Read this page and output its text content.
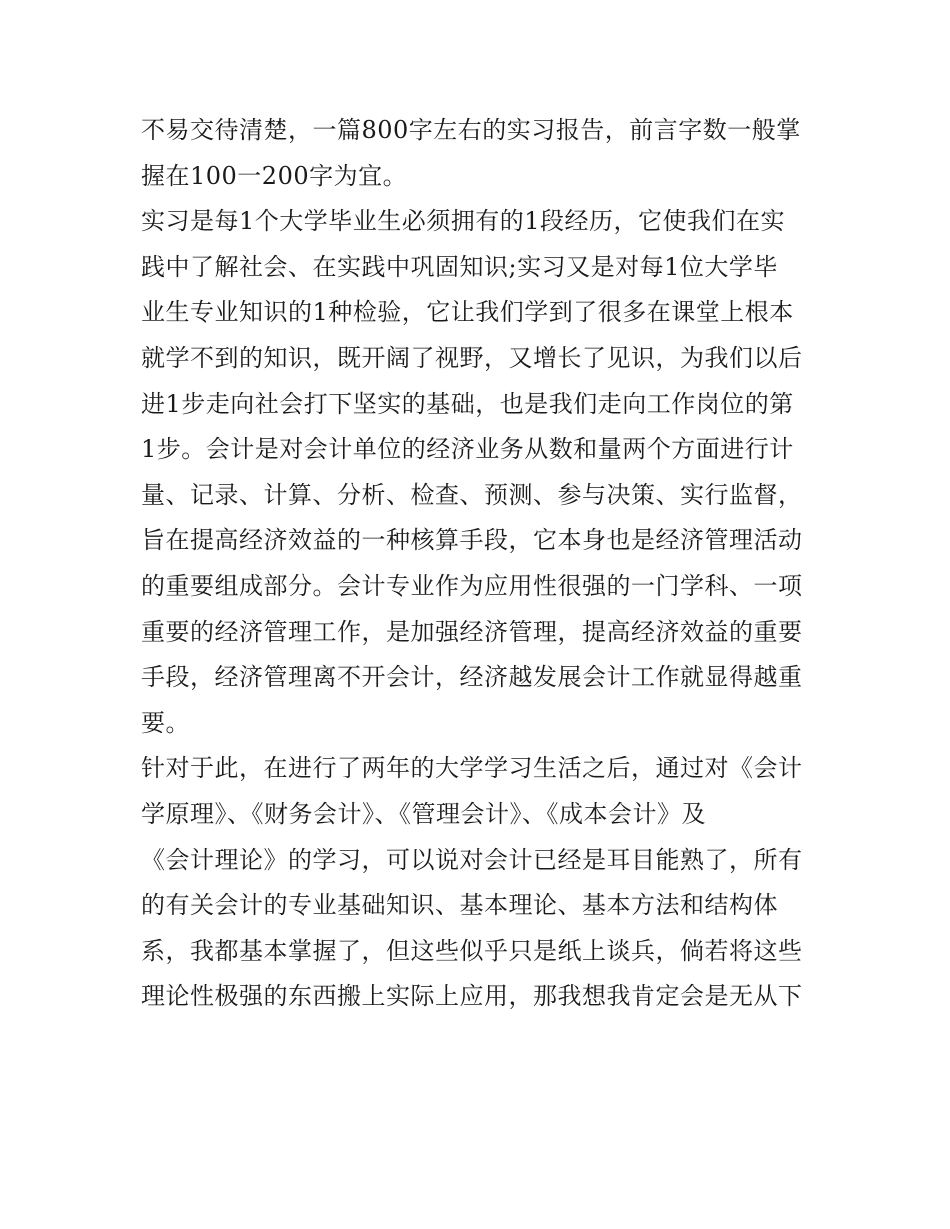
不易交待清楚，一篇800字左右的实习报告，前言字数一般掌
握在100一200字为宜。
实习是每1个大学毕业生必须拥有的1段经历，它使我们在实
践中了解社会、在实践中巩固知识;实习又是对每1位大学毕
业生专业知识的1种检验，它让我们学到了很多在课堂上根本
就学不到的知识，既开阔了视野，又增长了见识，为我们以后
进1步走向社会打下坚实的基础，也是我们走向工作岗位的第
1步。会计是对会计单位的经济业务从数和量两个方面进行计
量、记录、计算、分析、检查、预测、参与决策、实行监督，
旨在提高经济效益的一种核算手段，它本身也是经济管理活动
的重要组成部分。会计专业作为应用性很强的一门学科、一项
重要的经济管理工作，是加强经济管理，提高经济效益的重要
手段，经济管理离不开会计，经济越发展会计工作就显得越重
要。
针对于此，在进行了两年的大学学习生活之后，通过对《会计
学原理》、《财务会计》、《管理会计》、《成本会计》及
《会计理论》的学习，可以说对会计已经是耳目能熟了，所有
的有关会计的专业基础知识、基本理论、基本方法和结构体
系，我都基本掌握了，但这些似乎只是纸上谈兵，倘若将这些
理论性极强的东西搬上实际上应用，那我想我肯定会是无从下
